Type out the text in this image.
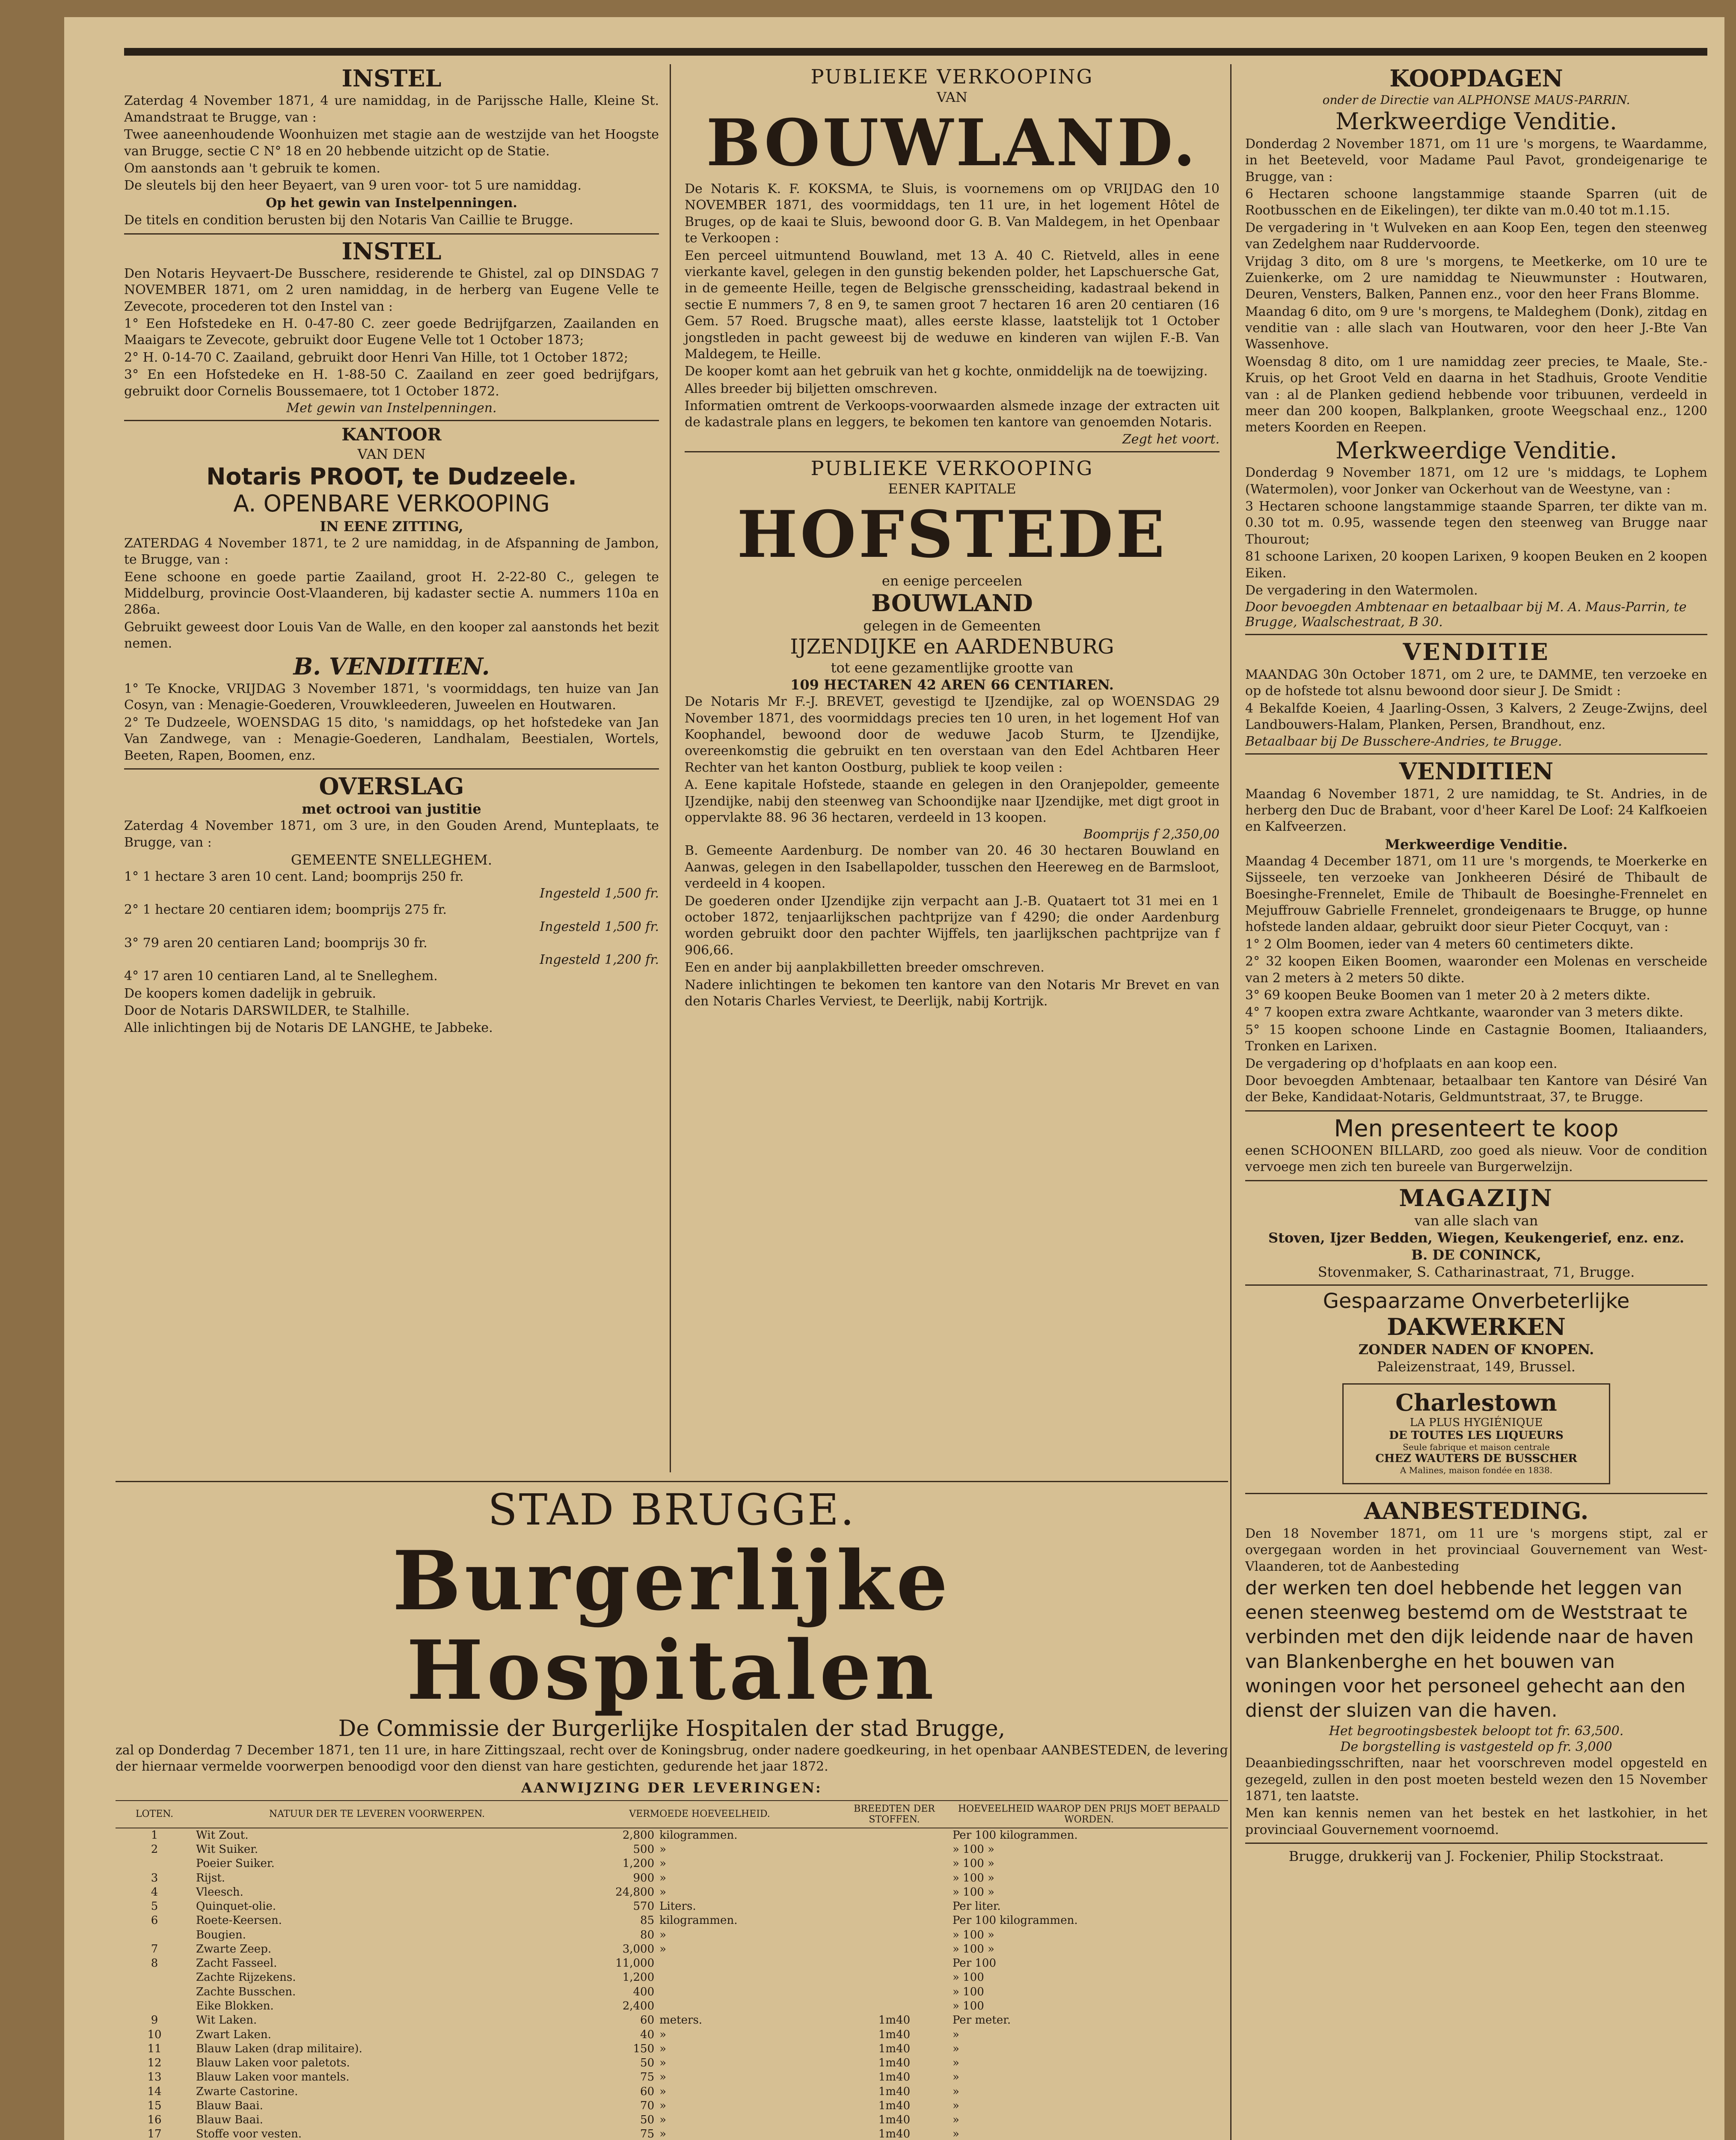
INSTEL

Zaterdag 4 November 1871, 4 ure namiddag, in de Parijssche Halle, Kleine St. Amandstraat te Brugge, van :

Twee aaneenhoudende Woonhuizen met stagie aan de westzijde van het Hoogste van Brugge, sectie C N° 18 en 20 hebbende uitzicht op de Statie.

Om aanstonds aan 't gebruik te komen.

De sleutels bij den heer Beyaert, van 9 uren voor- tot 5 ure namiddag.

Op het gewin van Instelpenningen.

De titels en condition berusten bij den Notaris Van Caillie te Brugge.

INSTEL

Den Notaris Heyvaert-De Busschere, residerende te Ghistel, zal op DINSDAG 7 NOVEMBER 1871, om 2 uren namiddag, in de herberg van Eugene Velle te Zevecote, procederen tot den Instel van :

1° Een Hofstedeke en H. 0-47-80 C. zeer goede Bedrijfgarzen, Zaailanden en Maaigars te Zevecote, gebruikt door Eugene Velle tot 1 October 1873;

2° H. 0-14-70 C. Zaailand, gebruikt door Henri Van Hille, tot 1 October 1872;

3° En een Hofstedeke en H. 1-88-50 C. Zaailand en zeer goed bedrijfgars, gebruikt door Cornelis Boussemaere, tot 1 October 1872.

Met gewin van Instelpenningen.

KANTOOR
VAN DEN
Notaris PROOT, te Dudzeele.
A. OPENBARE VERKOOPING
IN EENE ZITTING,

ZATERDAG 4 November 1871, te 2 ure namiddag, in de Afspanning de Jambon, te Brugge, van :

Eene schoone en goede partie Zaailand, groot H. 2-22-80 C., gelegen te Middelburg, provincie Oost-Vlaanderen, bij kadaster sectie A. nummers 110a en 286a.

Gebruikt geweest door Louis Van de Walle, en den kooper zal aanstonds het bezit nemen.

B. VENDITIEN.

1° Te Knocke, VRIJDAG 3 November 1871, 's voormiddags, ten huize van Jan Cosyn, van : Menagie-Goederen, Vrouwkleederen, Juweelen en Houtwaren.

2° Te Dudzeele, WOENSDAG 15 dito, 's namiddags, op het hofstedeke van Jan Van Zandwege, van : Menagie-Goederen, Landhalam, Beestialen, Wortels, Beeten, Rapen, Boomen, enz.

OVERSLAG
met octrooi van justitie

Zaterdag 4 November 1871, om 3 ure, in den Gouden Arend, Munteplaats, te Brugge, van :

GEMEENTE SNELLEGHEM.

1° 1 hectare 3 aren 10 cent. Land; boomprijs 250 fr.

Ingesteld 1,500 fr.

2° 1 hectare 20 centiaren idem; boomprijs 275 fr.

Ingesteld 1,500 fr.

3° 79 aren 20 centiaren Land; boomprijs 30 fr.

Ingesteld 1,200 fr.

4° 17 aren 10 centiaren Land, al te Snelleghem.

De koopers komen dadelijk in gebruik.

Door de Notaris DARSWILDER, te Stalhille.

Alle inlichtingen bij de Notaris DE LANGHE, te Jabbeke.

PUBLIEKE VERKOOPING
VAN
BOUWLAND.

De Notaris K. F. KOKSMA, te Sluis, is voornemens om op VRIJDAG den 10 NOVEMBER 1871, des voormiddags, ten 11 ure, in het logement Hôtel de Bruges, op de kaai te Sluis, bewoond door G. B. Van Maldegem, in het Openbaar te Verkoopen :

Een perceel uitmuntend Bouwland, met 13 A. 40 C. Rietveld, alles in eene vierkante kavel, gelegen in den gunstig bekenden polder, het Lapschuersche Gat, in de gemeente Heille, tegen de Belgische grensscheiding, kadastraal bekend in sectie E nummers 7, 8 en 9, te samen groot 7 hectaren 16 aren 20 centiaren (16 Gem. 57 Roed. Brugsche maat), alles eerste klasse, laatstelijk tot 1 October jongstleden in pacht geweest bij de weduwe en kinderen van wijlen F.-B. Van Maldegem, te Heille.

De kooper komt aan het gebruik van het g kochte, onmiddelijk na de toewijzing.

Alles breeder bij biljetten omschreven.

Informatien omtrent de Verkoops-voorwaarden alsmede inzage der extracten uit de kadastrale plans en leggers, te bekomen ten kantore van genoemden Notaris.

Zegt het voort.

PUBLIEKE VERKOOPING
EENER KAPITALE
HOFSTEDE
en eenige perceelen
BOUWLAND
gelegen in de Gemeenten
IJZENDIJKE en AARDENBURG
tot eene gezamentlijke grootte van
109 HECTAREN 42 AREN 66 CENTIAREN.

De Notaris Mr F.-J. BREVET, gevestigd te IJzendijke, zal op WOENSDAG 29 November 1871, des voormiddags precies ten 10 uren, in het logement Hof van Koophandel, bewoond door de weduwe Jacob Sturm, te IJzendijke, overeenkomstig die gebruikt en ten overstaan van den Edel Achtbaren Heer Rechter van het kanton Oostburg, publiek te koop veilen :

A. Eene kapitale Hofstede, staande en gelegen in den Oranjepolder, gemeente IJzendijke, nabij den steenweg van Schoondijke naar IJzendijke, met digt groot in oppervlakte 88. 96 36 hectaren, verdeeld in 13 koopen.

Boomprijs f 2,350,00

B. Gemeente Aardenburg. De nomber van 20. 46 30 hectaren Bouwland en Aanwas, gelegen in den Isabellapolder, tusschen den Heereweg en de Barmsloot, verdeeld in 4 koopen.

De goederen onder IJzendijke zijn verpacht aan J.-B. Quataert tot 31 mei en 1 october 1872, tenjaarlijkschen pachtprijze van f 4290; die onder Aardenburg worden gebruikt door den pachter Wijffels, ten jaarlijkschen pachtprijze van f 906,66.

Een en ander bij aanplakbilletten breeder omschreven.

Nadere inlichtingen te bekomen ten kantore van den Notaris Mr Brevet en van den Notaris Charles Verviest, te Deerlijk, nabij Kortrijk.

STAD BRUGGE.
Burgerlijke Hospitalen
De Commissie der Burgerlijke Hospitalen der stad Brugge,

zal op Donderdag 7 December 1871, ten 11 ure, in hare Zittingszaal, recht over de Koningsbrug, onder nadere goedkeuring, in het openbaar AANBESTEDEN, de levering der hiernaar vermelde voorwerpen benoodigd voor den dienst van hare gestichten, gedurende het jaar 1872.

AANWIJZING DER LEVERINGEN:
LOTEN.	NATUUR DER TE LEVEREN VOORWERPEN.	VERMOEDE HOEVEELHEID.		BREEDTEN DER STOFFEN.	HOEVEELHEID WAAROP DEN PRIJS MOET BEPAALD WORDEN.
1	Wit Zout.	2,800	kilogrammen.		Per 100 kilogrammen.
2	Wit Suiker.	500	»		» 100 »
	Poeier Suiker.	1,200	»		» 100 »
3	Rijst.	900	»		» 100 »
4	Vleesch.	24,800	»		» 100 »
5	Quinquet-olie.	570	Liters.		Per liter.
6	Roete-Keersen.	85	kilogrammen.		Per 100 kilogrammen.
	Bougien.	80	»		» 100 »
7	Zwarte Zeep.	3,000	»		» 100 »
8	Zacht Fasseel.	11,000			Per 100
	Zachte Rijzekens.	1,200			» 100
	Zachte Busschen.	400			» 100
	Eike Blokken.	2,400			» 100
9	Wit Laken.	60	meters.	1m40	Per meter.
10	Zwart Laken.	40	»	1m40	»
11	Blauw Laken (drap militaire).	150	»	1m40	»
12	Blauw Laken voor paletots.	50	»	1m40	»
13	Blauw Laken voor mantels.	75	»	1m40	»
14	Zwarte Castorine.	60	»	1m40	»
15	Blauw Baai.	70	»	1m40	»
16	Blauw Baai.	50	»	1m40	»
17	Stoffe voor vesten.	75	»	1m40	»

KOOPDAGEN
onder de Directie van ALPHONSE MAUS-PARRIN.
Merkweerdige Venditie.

Donderdag 2 November 1871, om 11 ure 's morgens, te Waardamme, in het Beeteveld, voor Madame Paul Pavot, grondeigenarige te Brugge, van :

6 Hectaren schoone langstammige staande Sparren (uit de Rootbusschen en de Eikelingen), ter dikte van m.0.40 tot m.1.15.

De vergadering in 't Wulveken en aan Koop Een, tegen den steenweg van Zedelghem naar Ruddervoorde.

Vrijdag 3 dito, om 8 ure 's morgens, te Meetkerke, om 10 ure te Zuienkerke, om 2 ure namiddag te Nieuwmunster : Houtwaren, Deuren, Vensters, Balken, Pannen enz., voor den heer Frans Blomme.

Maandag 6 dito, om 9 ure 's morgens, te Maldeghem (Donk), zitdag en venditie van : alle slach van Houtwaren, voor den heer J.-Bte Van Wassenhove.

Woensdag 8 dito, om 1 ure namiddag zeer precies, te Maale, Ste.-Kruis, op het Groot Veld en daarna in het Stadhuis, Groote Venditie van : al de Planken gediend hebbende voor tribuunen, verdeeld in meer dan 200 koopen, Balkplanken, groote Weegschaal enz., 1200 meters Koorden en Reepen.

Merkweerdige Venditie.

Donderdag 9 November 1871, om 12 ure 's middags, te Lophem (Watermolen), voor Jonker van Ockerhout van de Weestyne, van :

3 Hectaren schoone langstammige staande Sparren, ter dikte van m. 0.30 tot m. 0.95, wassende tegen den steenweg van Brugge naar Thourout;

81 schoone Larixen, 20 koopen Larixen, 9 koopen Beuken en 2 koopen Eiken.

De vergadering in den Watermolen.

Door bevoegden Ambtenaar en betaalbaar bij M. A. Maus-Parrin, te Brugge, Waalschestraat, B 30.

VENDITIE

MAANDAG 30n October 1871, om 2 ure, te DAMME, ten verzoeke en op de hofstede tot alsnu bewoond door sieur J. De Smidt :

4 Bekalfde Koeien, 4 Jaarling-Ossen, 3 Kalvers, 2 Zeuge-Zwijns, deel Landbouwers-Halam, Planken, Persen, Brandhout, enz.

Betaalbaar bij De Busschere-Andries, te Brugge.

VENDITIEN

Maandag 6 November 1871, 2 ure namiddag, te St. Andries, in de herberg den Duc de Brabant, voor d'heer Karel De Loof: 24 Kalfkoeien en Kalfveerzen.

Merkweerdige Venditie.

Maandag 4 December 1871, om 11 ure 's morgends, te Moerkerke en Sijsseele, ten verzoeke van Jonkheeren Désiré de Thibault de Boesinghe-Frennelet, Emile de Thibault de Boesinghe-Frennelet en Mejuffrouw Gabrielle Frennelet, grondeigenaars te Brugge, op hunne hofstede landen aldaar, gebruikt door sieur Pieter Cocquyt, van :

1° 2 Olm Boomen, ieder van 4 meters 60 centimeters dikte.

2° 32 koopen Eiken Boomen, waaronder een Molenas en verscheide van 2 meters à 2 meters 50 dikte.

3° 69 koopen Beuke Boomen van 1 meter 20 à 2 meters dikte.

4° 7 koopen extra zware Achtkante, waaronder van 3 meters dikte.

5° 15 koopen schoone Linde en Castagnie Boomen, Italiaanders, Tronken en Larixen.

De vergadering op d'hofplaats en aan koop een.

Door bevoegden Ambtenaar, betaalbaar ten Kantore van Désiré Van der Beke, Kandidaat-Notaris, Geldmuntstraat, 37, te Brugge.

Men presenteert te koop

eenen SCHOONEN BILLARD, zoo goed als nieuw. Voor de condition vervoege men zich ten bureele van Burgerwelzijn.

MAGAZIJN
van alle slach van
Stoven, Ijzer Bedden, Wiegen, Keukengerief, enz. enz.
B. DE CONINCK,
Stovenmaker, S. Catharinastraat, 71, Brugge.
Gespaarzame Onverbeterlijke
DAKWERKEN
ZONDER NADEN OF KNOPEN.
Paleizenstraat, 149, Brussel.
Charlestown
LA PLUS HYGIÉNIQUE
DE TOUTES LES LIQUEURS
Seule fabrique et maison centrale
CHEZ WAUTERS DE BUSSCHER
A Malines, maison fondée en 1838.
AANBESTEDING.

Den 18 November 1871, om 11 ure 's morgens stipt, zal er overgegaan worden in het provinciaal Gouvernement van West-Vlaanderen, tot de Aanbesteding

der werken ten doel hebbende het leggen van eenen steenweg bestemd om de Weststraat te verbinden met den dijk leidende naar de haven van Blankenberghe en het bouwen van woningen voor het personeel gehecht aan den dienst der sluizen van die haven.

Het begrootingsbestek beloopt tot fr. 63,500.

De borgstelling is vastgesteld op fr. 3,000

Deaanbiedingsschriften, naar het voorschreven model opgesteld en gezegeld, zullen in den post moeten besteld wezen den 15 November 1871, ten laatste.

Men kan kennis nemen van het bestek en het lastkohier, in het provinciaal Gouvernement voornoemd.

Brugge, drukkerij van J. Fockenier, Philip Stockstraat.
